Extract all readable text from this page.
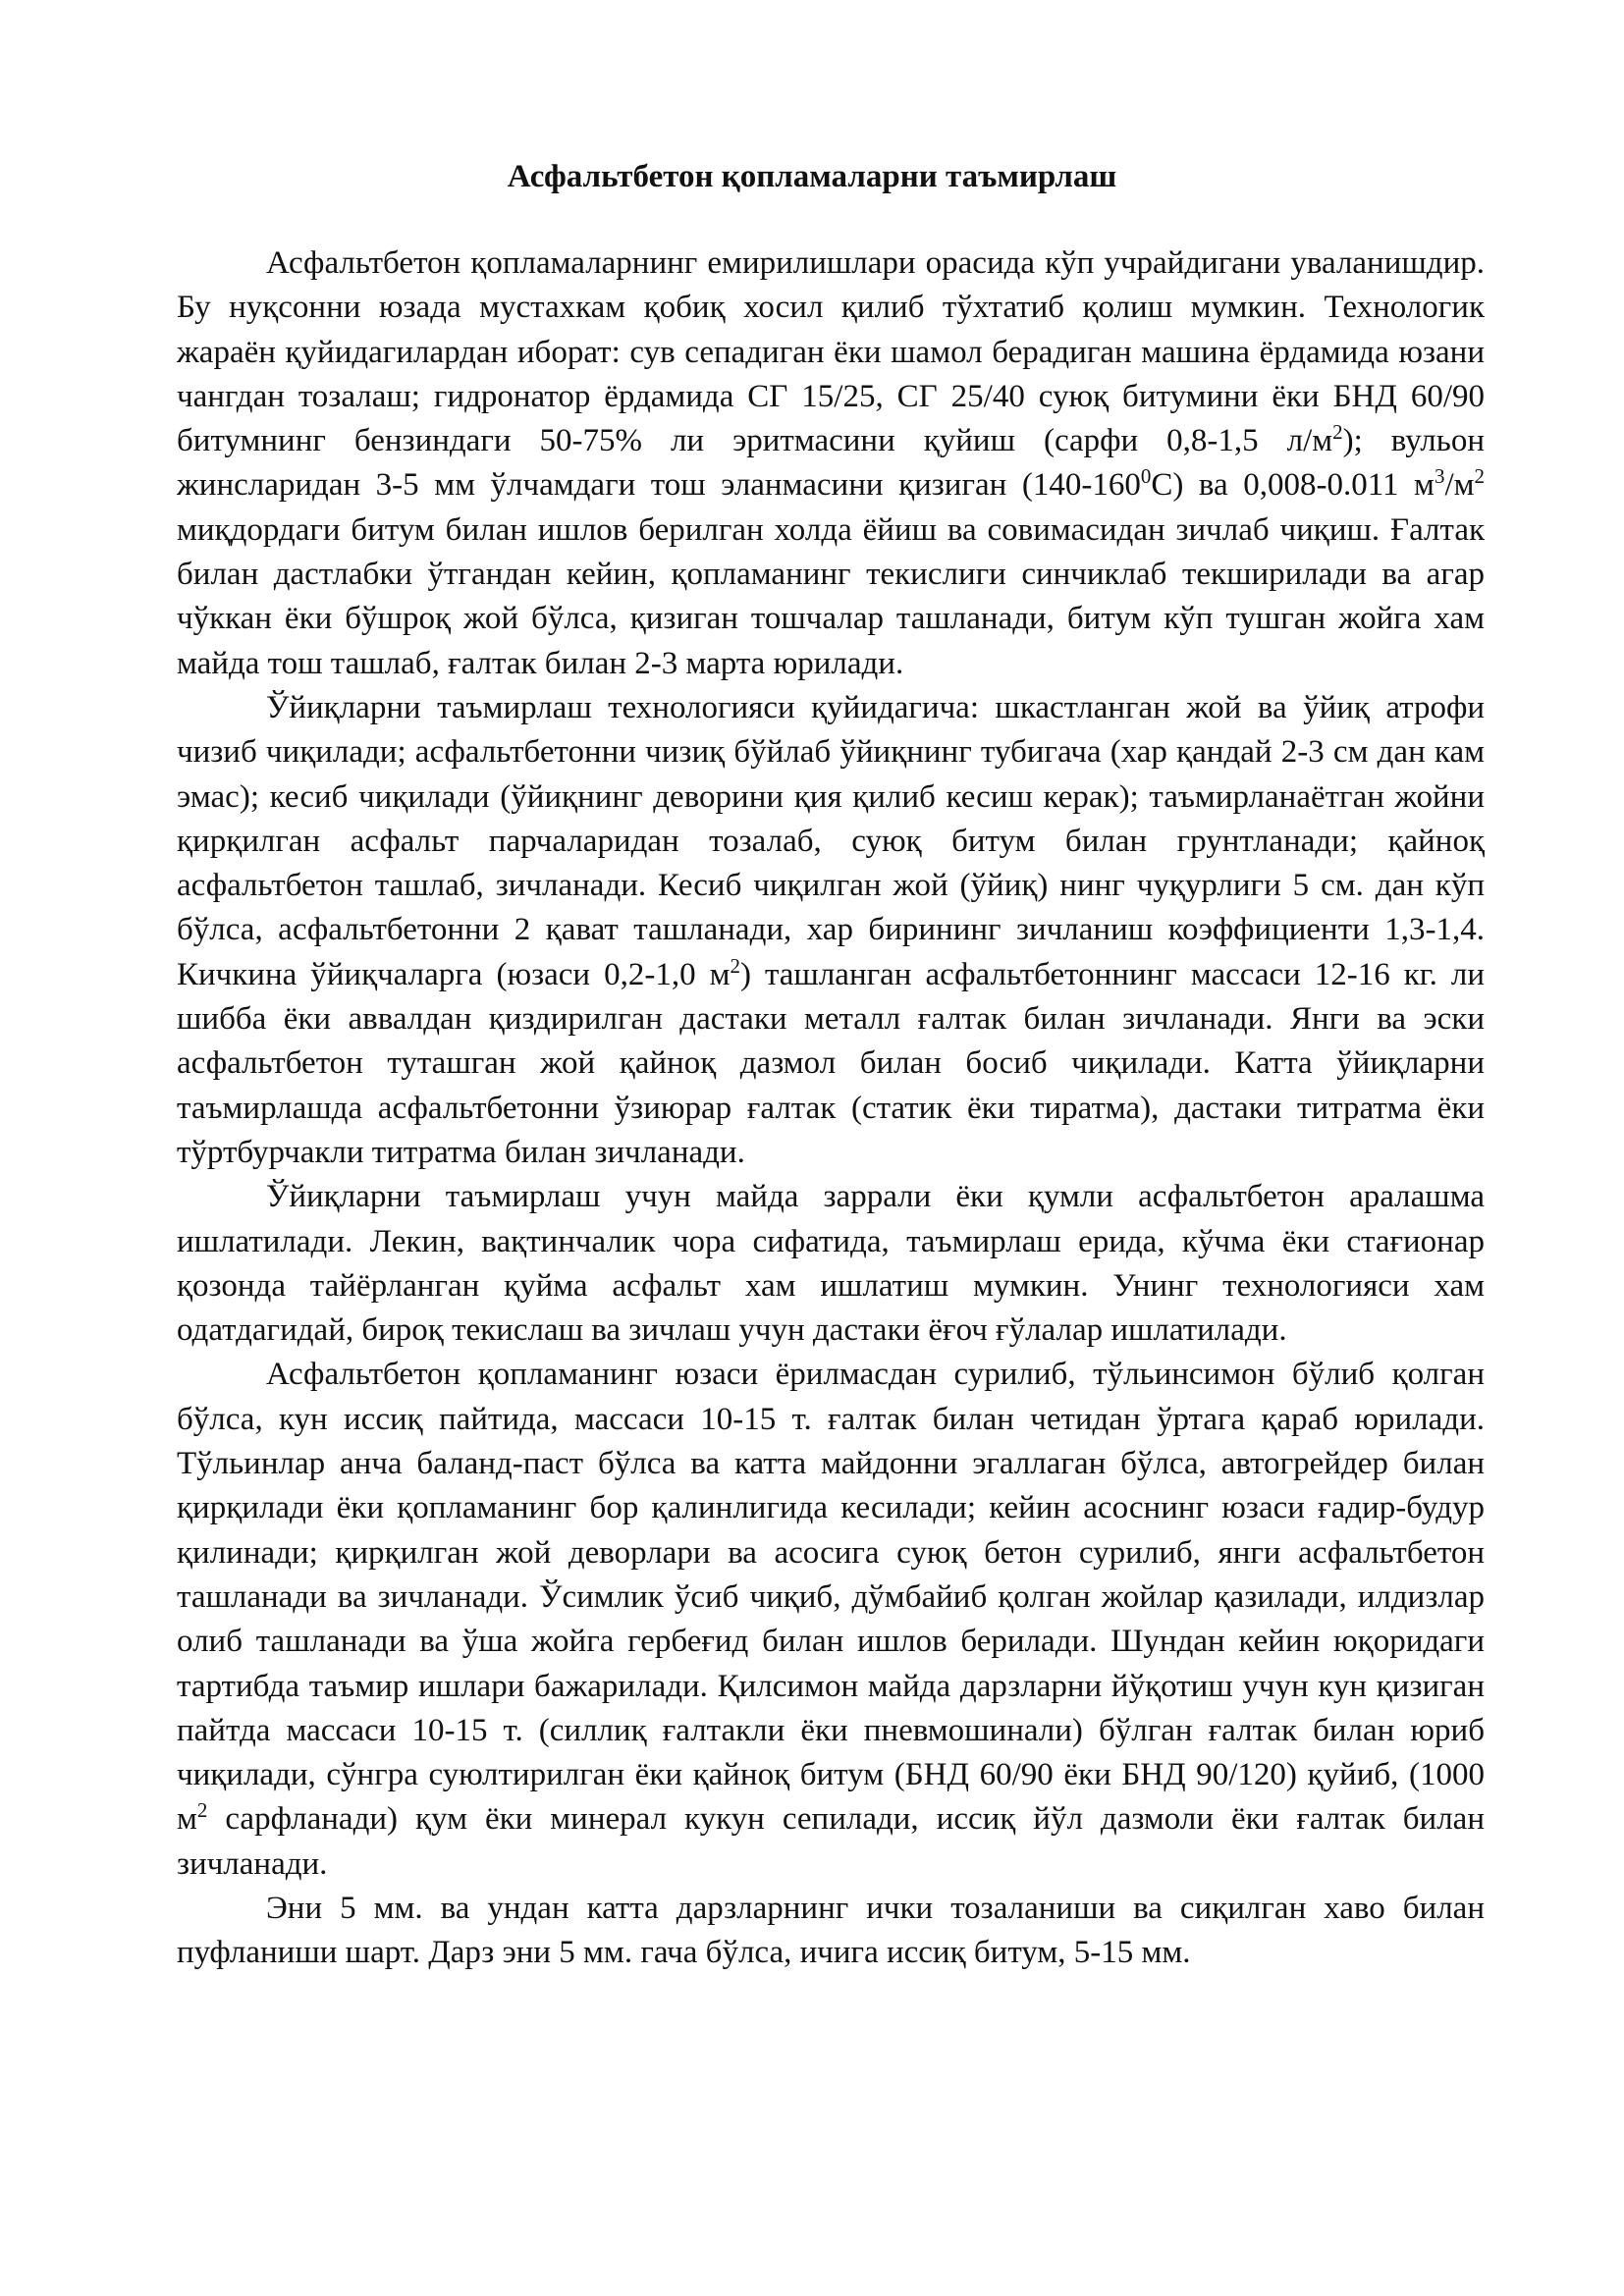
Асфальтбетон қопламаларни таъмирлаш

Асфальтбетон қопламаларнинг емирилишлари орасида кўп учрайдигани уваланишдир. Бу нуқсонни юзада мустахкам қобиқ хосил қилиб тўхтатиб қолиш мумкин. Технологик жараён қуйидагилардан иборат: сув сепадиган ёки шамол берадиган машина ёрдамида юзани чангдан тозалаш; гидронатор ёрдамида СГ 15/25, СГ 25/40 суюқ битумини ёки БНД 60/90 битумнинг бензиндаги 50-75% ли эритмасини қуйиш (сарфи 0,8-1,5 $л/м^2$); вульон жинсларидан 3-5 мм ўлчамдаги тош эланмасини қизиган $(140-160^0С)$ ва 0,008-0.011 $м^3/м^2$ миқдордаги битум билан ишлов берилган холда ёйиш ва совимасидан зичлаб чиқиш. Ғалтак билан дастлабки ўтгандан кейин, қопламанинг текислиги синчиклаб текширилади ва агар чўккан ёки бўшроқ жой бўлса, қизиган тошчалар ташланади, битум кўп тушган жойга хам майда тош ташлаб, ғалтак билан 2-3 марта юрилади.

Ўйиқларни таъмирлаш технологияси қуйидагича: шкастланган жой ва ўйиқ атрофи чизиб чиқилади; асфальтбетонни чизиқ бўйлаб ўйиқнинг тубигача (хар қандай 2-3 см дан кам эмас); кесиб чиқилади (ўйиқнинг деворини қия қилиб кесиш керак); таъмирланаётган жойни қирқилган асфальт парчаларидан тозалаб, суюқ битум билан грунтланади; қайноқ асфальтбетон ташлаб, зичланади. Кесиб чиқилган жой (ўйиқ) нинг чуқурлиги 5 см. дан кўп бўлса, асфальтбетонни 2 қават ташланади, хар бирининг зичланиш коэффициенти 1,3-1,4. Кичкина ўйиқчаларга (юзаси 0,2-1,0 $м^2$) ташланган асфальтбетоннинг массаси 12-16 кг. ли шибба ёки аввалдан қиздирилган дастаки металл ғалтак билан зичланади. Янги ва эски асфальтбетон туташган жой қайноқ дазмол билан босиб чиқилади. Катта ўйиқларни таъмирлашда асфальтбетонни ўзиюрар ғалтак (статик ёки тиратма), дастаки титратма ёки тўртбурчакли титратма билан зичланади.

Ўйиқларни таъмирлаш учун майда заррали ёки қумли асфальтбетон аралашма ишлатилади. Лекин, вақтинчалик чора сифатида, таъмирлаш ерида, кўчма ёки стағионар қозонда тайёрланган қуйма асфальт хам ишлатиш мумкин. Унинг технологияси хам одатдагидай, бироқ текислаш ва зичлаш учун дастаки ёғоч ғўлалар ишлатилади.

Асфальтбетон қопламанинг юзаси ёрилмасдан сурилиб, тўльинсимон бўлиб қолган бўлса, кун иссиқ пайтида, массаси 10-15 т. ғалтак билан четидан ўртага қараб юрилади. Тўльинлар анча баланд-паст бўлса ва катта майдонни эгаллаган бўлса, автогрейдер билан қирқилади ёки қопламанинг бор қалинлигида кесилади; кейин асоснинг юзаси ғадир-будур қилинади; қирқилган жой деворлари ва асосига суюқ бетон сурилиб, янги асфальтбетон ташланади ва зичланади. Ўсимлик ўсиб чиқиб, дўмбайиб қолган жойлар қазилади, илдизлар олиб ташланади ва ўша жойга гербеғид билан ишлов берилади. Шундан кейин юқоридаги тартибда таъмир ишлари бажарилади. Қилсимон майда дарзларни йўқотиш учун кун қизиган пайтда массаси 10-15 т. (силлиқ ғалтакли ёки пневмошинали) бўлган ғалтак билан юриб чиқилади, сўнгра суюлтирилган ёки қайноқ битум (БНД 60/90 ёки БНД 90/120) қуйиб, (1000 $м^2$ сарфланади) қум ёки минерал кукун сепилади, иссиқ йўл дазмоли ёки ғалтак билан зичланади.

Эни 5 мм. ва ундан катта дарзларнинг ички тозаланиши ва сиқилган хаво билан пуфланиши шарт. Дарз эни 5 мм. гача бўлса, ичига иссиқ битум, 5-15 мм.
